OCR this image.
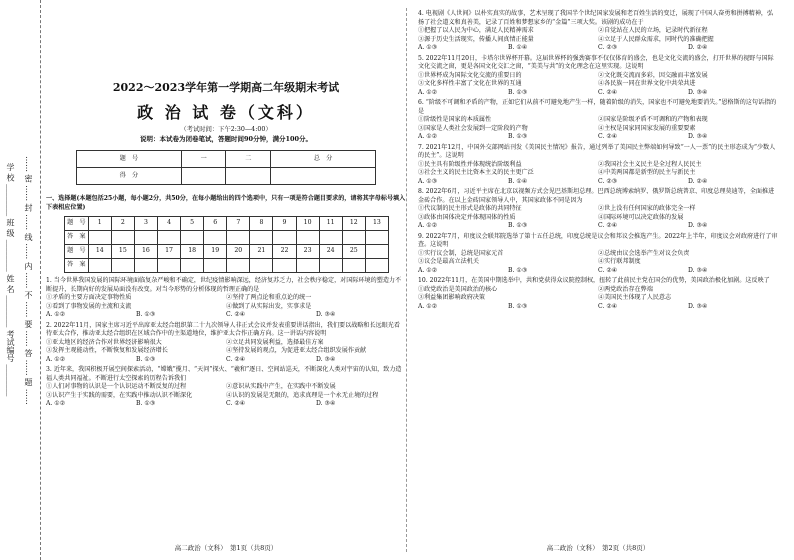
学 校 ________ 班 级 ________ 姓 名 ________ 考试编号 ________ …… 密 …… 封 …… 线 …… 内 …… 不 …… 要 …… 答 …… 题 ……
2022～2023学年第一学期高二年级期末考试
政 治 试 卷（文科）
（考试时间：下午2:30—4:00）
说明：本试卷为闭卷笔试，答题时间90分钟，满分100分。
题　号	一	二	总　分
得　分			
一、选择题(本题包括25小题，每小题2分，共50分，在每小题给出的四个选项中，只有一项是符合题目要求的，请将其字母标号填入下表相应位置)
题　号	1	2	3	4	5	6	7	8	9	10	11	12	13
答　案													
题　号	14	15	16	17	18	19	20	21	22	23	24	25	
答　案													
1. 当今世界我国发展的国际环境面临复杂严峻和不确定，世纪疫情影响深远，经济复苏乏力，社会秩序稳定，对国际环境的塑造力不断提升，长期向好的发展局面没有改变。对当今形势的分析体现的哲理正确的是
①矛盾的主要方面决定事物性质	②坚持了两点论和重点论的统一
③看到了事物发展的主流和支流	④做到了从实际出发，实事求是
A. ①②	B. ①③	C. ②④	D. ③④
2. 2022年11月，国家主席习近平出席亚太经合组织第二十九次领导人非正式会议并发表重要讲话指出，我们要以战略和长远眼光看待亚太合作，推动亚太经合组织在区域合作中的主渠道地位，维护亚太合作正确方向。这一讲话内容说明
①亚太地区的经济合作对世界经济影响很大	②立足共同发展利益，选择最佳方案
③发挥主观能动性，不断恢复和发展经济增长	④坚持发展的观点，为促进亚太经合组织发展作贡献
A. ①②	B. ①③	C. ②④	D. ③④
3. 近年来，我国积极开展空间探索活动，“嫦娥”揽月、“天问”探火、“羲和”逐日、空间站巡天，不断深化人类对宇宙的认知，致力造福人类共同福祉。不断进行太空探索的历程告诉我们
①人们对事物的认识是一个认识运动不断反复的过程	②意识从实践中产生，在实践中不断发展
③认识产生于实践的需要，在实践中推动认识不断深化	④认识的发展是无限的，追求真理是一个永无止境的过程
A. ①②	B. ①③	C. ②④	D. ③④
高二政治（文科）　第1页（共8页）
4. 电视剧《人世间》以朴实真实的故事，艺术呈现了我国半个世纪国家发展和老百姓生活的变迁，展现了中国人奋勇和拼搏精神，弘扬了社会道义和真善美，记录了百姓和梦想家乡的“金篇”三项大奖。该剧的成功在于
①把握了以人民为中心，满足人民精神需求	②自觉站在人民的立场，记录时代新征程
③源于历史生活现实，传播人间真情正能量	④立足于人民群众需求，同时代的准确把握
A. ①③	B. ①④	C. ②③	D. ②④
5. 2022年11月20日，卡塔尔世界杯开幕。这届世界杯的强劲赛事不仅仅体育的盛会，也是文化交流的盛会，打开世界的视野与国际文化交流之窗，更是各国文化交汇之窗，“美美与共”的文化理念在这里实现。这说明
①世界杯成为国际文化交流的重要日的	②文化既交流而多彩，因交融而丰富发展
③文化多样性丰富了文化在世界的互通	④各民族一同在世界文化中共荣共进
A. ①②	B. ①③	C. ②④	D. ③④
6. “阶级不可调和矛盾的产物，正如它们从前不可避免地产生一样，随着阶级的消失，国家也不可避免地要消失。”恩格斯的这句话指的是
①阶级性是国家的本质属性	②国家是阶级矛盾不可调和的产物和表现
③国家是人类社会发展到一定阶段的产物	④主权是国家同国家发展的重要要素
A. ①②	B. ①③	C. ②④	D. ③④
7. 2021年12月，中国外交部网站刊发《美国民主情况》报告，通过列举了美国民主弊端如何导致“一人一票”的民主形态成为“少数人的民主”。这说明
①民主具有阶级性并体现统治阶级利益	②我国社会主义民主是全过程人民民主
③社会主义的民主比资本主义的民主更广泛	④中美两国都是新型的民主与新民主
A. ①③	B. ①④	C. ②③	D. ②④
8. 2022年6月，习近平主席在北京以视频方式会见巴基斯坦总理。巴西总统博索纳罗、俄罗斯总统普京、印度总理莫迪等，全面推进金砖合作。在以上金砖国家领导人中，其国家政体不同是因为
①代议制的民主形式是政体的共同特征	②世上没有任何国家的政体完全一样
③政体由国体决定并体现国体的性质	④国际环境可以决定政体的发展
A. ①②	B. ①③	C. ②④	D. ③④
9. 2022年7月，印度议会联邦院选举了第十五任总统，印度总统是议会和邦议会推选产生。2022年上半年，印度议会对政府进行了审查。这说明
①实行议会制，总统是国家元首	②总统由议会选举产生对议会负责
③议会是最高立法机关	④实行联邦制度
A. ①②	B. ①③	C. ②④	D. ③④
10. 2022年11月，在美国中期选举中，共和党获得众议院控制权，扭转了此前民主党在国会的优势，美国政治极化加剧。这反映了
①政党政治是美国政治的核心	②两党政治存在弊端
③利益集团影响政府决策	④美国民主体现了人民意志
A. ①②	B. ①③	C. ②④	D. ③④
高二政治（文科）　第2页（共8页）
